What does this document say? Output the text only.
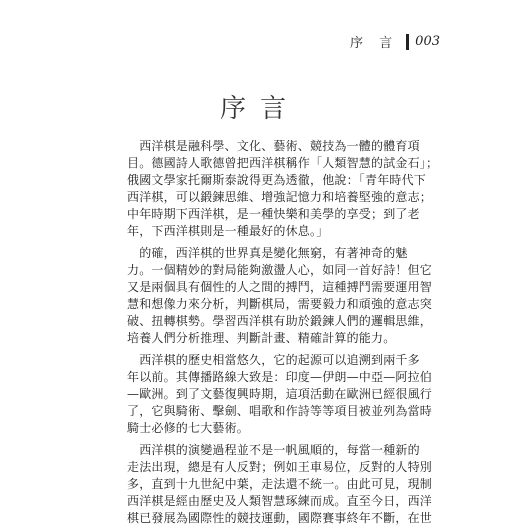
序 言 003
序言
　西洋棋是融科學、文化、藝術、競技為一體的體育項
目。德國詩人歌德曾把西洋棋稱作「人類智慧的試金石」；
俄國文學家托爾斯泰說得更為透徹，他說：「青年時代下
西洋棋，可以鍛鍊思維、增強記憶力和培養堅強的意志；
中年時期下西洋棋，是一種快樂和美學的享受；到了老
年，下西洋棋則是一種最好的休息。」
　的確，西洋棋的世界真是變化無窮，有著神奇的魅
力。一個精妙的對局能夠激盪人心，如同一首好詩！但它
又是兩個具有個性的人之間的搏鬥，這種搏鬥需要運用智
慧和想像力來分析，判斷棋局，需要毅力和頑強的意志突
破、扭轉棋勢。學習西洋棋有助於鍛鍊人們的邏輯思維，
培養人們分析推理、判斷計畫、精確計算的能力。
　西洋棋的歷史相當悠久，它的起源可以追溯到兩千多
年以前。其傳播路線大致是：印度—伊朗—中亞—阿拉伯
—歐洲。到了文藝復興時期，這項活動在歐洲已經很風行
了，它與騎術、擊劍、唱歌和作詩等等項目被並列為當時
騎士必修的七大藝術。
　西洋棋的演變過程並不是一帆風順的，每當一種新的
走法出現，總是有人反對；例如王車易位，反對的人特別
多，直到十九世紀中葉，走法還不統一。由此可見，現制
西洋棋是經由歷史及人類智慧琢練而成。直至今日，西洋
棋已發展為國際性的競技運動，國際賽事終年不斷，在世
